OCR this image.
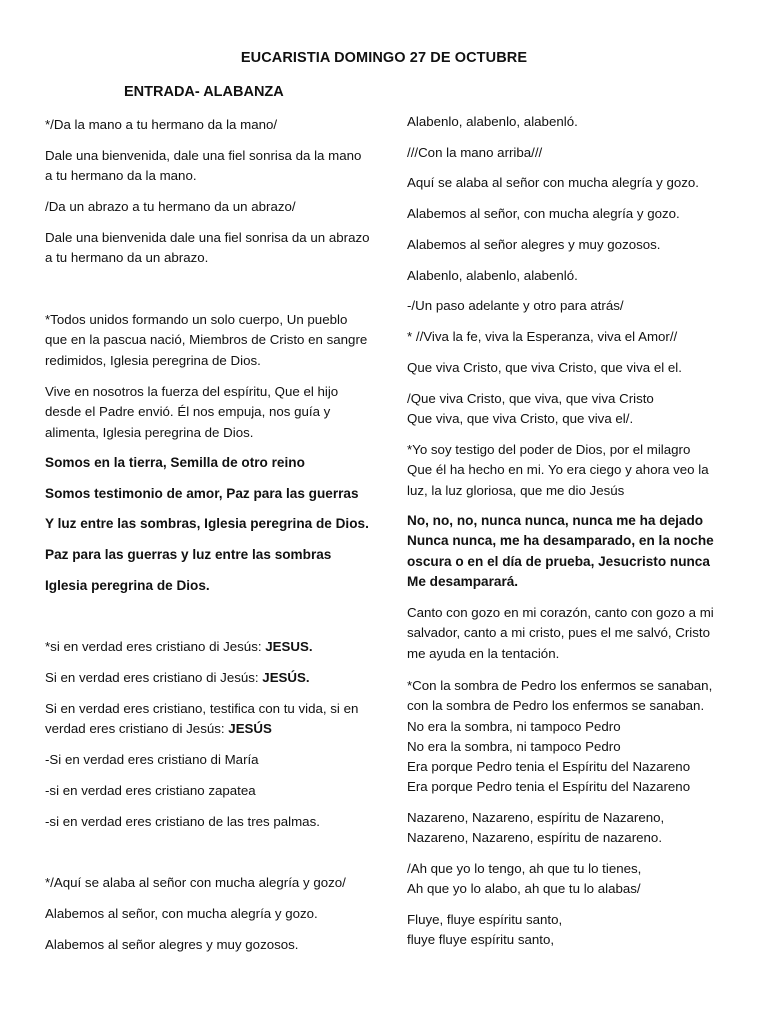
EUCARISTIA DOMINGO 27 DE OCTUBRE
ENTRADA- ALABANZA

*/Da la mano a tu hermano da la mano/

Dale una bienvenida, dale una fiel sonrisa da la mano a tu hermano da la mano.

/Da un abrazo a tu hermano da un abrazo/

Dale una bienvenida dale una fiel sonrisa da un abrazo a tu hermano da un abrazo.

*Todos unidos formando un solo cuerpo, Un pueblo que en la pascua nació, Miembros de Cristo en sangre redimidos, Iglesia peregrina de Dios.

Vive en nosotros la fuerza del espíritu, Que el hijo desde el Padre envió. Él nos empuja, nos guía y alimenta, Iglesia peregrina de Dios.

Somos en la tierra, Semilla de otro reino

Somos testimonio de amor, Paz para las guerras

Y luz entre las sombras, Iglesia peregrina de Dios.

Paz para las guerras y luz entre las sombras

Iglesia peregrina de Dios.

*si en verdad eres cristiano di Jesús: JESUS.

Si en verdad eres cristiano di Jesús: JESÚS.

Si en verdad eres cristiano, testifica con tu vida, si en verdad eres cristiano di Jesús: JESÚS

-Si en verdad eres cristiano di María

-si en verdad eres cristiano zapatea

-si en verdad eres cristiano de las tres palmas.

*/Aquí se alaba al señor con mucha alegría y gozo/

Alabemos al señor, con mucha alegría y gozo.

Alabemos al señor alegres y muy gozosos.

Alabenlo, alabenlo, alabenló.

///Con la mano arriba///

Aquí se alaba al señor con mucha alegría y gozo.

Alabemos al señor, con mucha alegría y gozo.

Alabemos al señor alegres y muy gozosos.

Alabenlo, alabenlo, alabenló.

-/Un paso adelante y otro para atrás/

* //Viva la fe, viva la Esperanza, viva el Amor//

Que viva Cristo, que viva Cristo, que viva el el.

/Que viva Cristo, que viva, que viva Cristo
Que viva, que viva Cristo, que viva el/.

*Yo soy testigo del poder de Dios, por el milagro
Que él ha hecho en mi. Yo era ciego y ahora veo la luz, la luz gloriosa, que me dio Jesús

No, no, no, nunca nunca, nunca me ha dejado
Nunca nunca, me ha desamparado, en la noche oscura o en el día de prueba, Jesucristo nunca
Me desamparará.

Canto con gozo en mi corazón, canto con gozo a mi salvador, canto a mi cristo, pues el me salvó, Cristo me ayuda en la tentación.

*Con la sombra de Pedro los enfermos se sanaban, con la sombra de Pedro los enfermos se sanaban.
No era la sombra, ni tampoco Pedro
No era la sombra, ni tampoco Pedro
Era porque Pedro tenia el Espíritu del Nazareno
Era porque Pedro tenia el Espíritu del Nazareno

Nazareno, Nazareno, espíritu de Nazareno,
Nazareno, Nazareno, espíritu de nazareno.

/Ah que yo lo tengo, ah que tu lo tienes,
Ah que yo lo alabo, ah que tu lo alabas/

Fluye, fluye espíritu santo,
fluye fluye espíritu santo,
